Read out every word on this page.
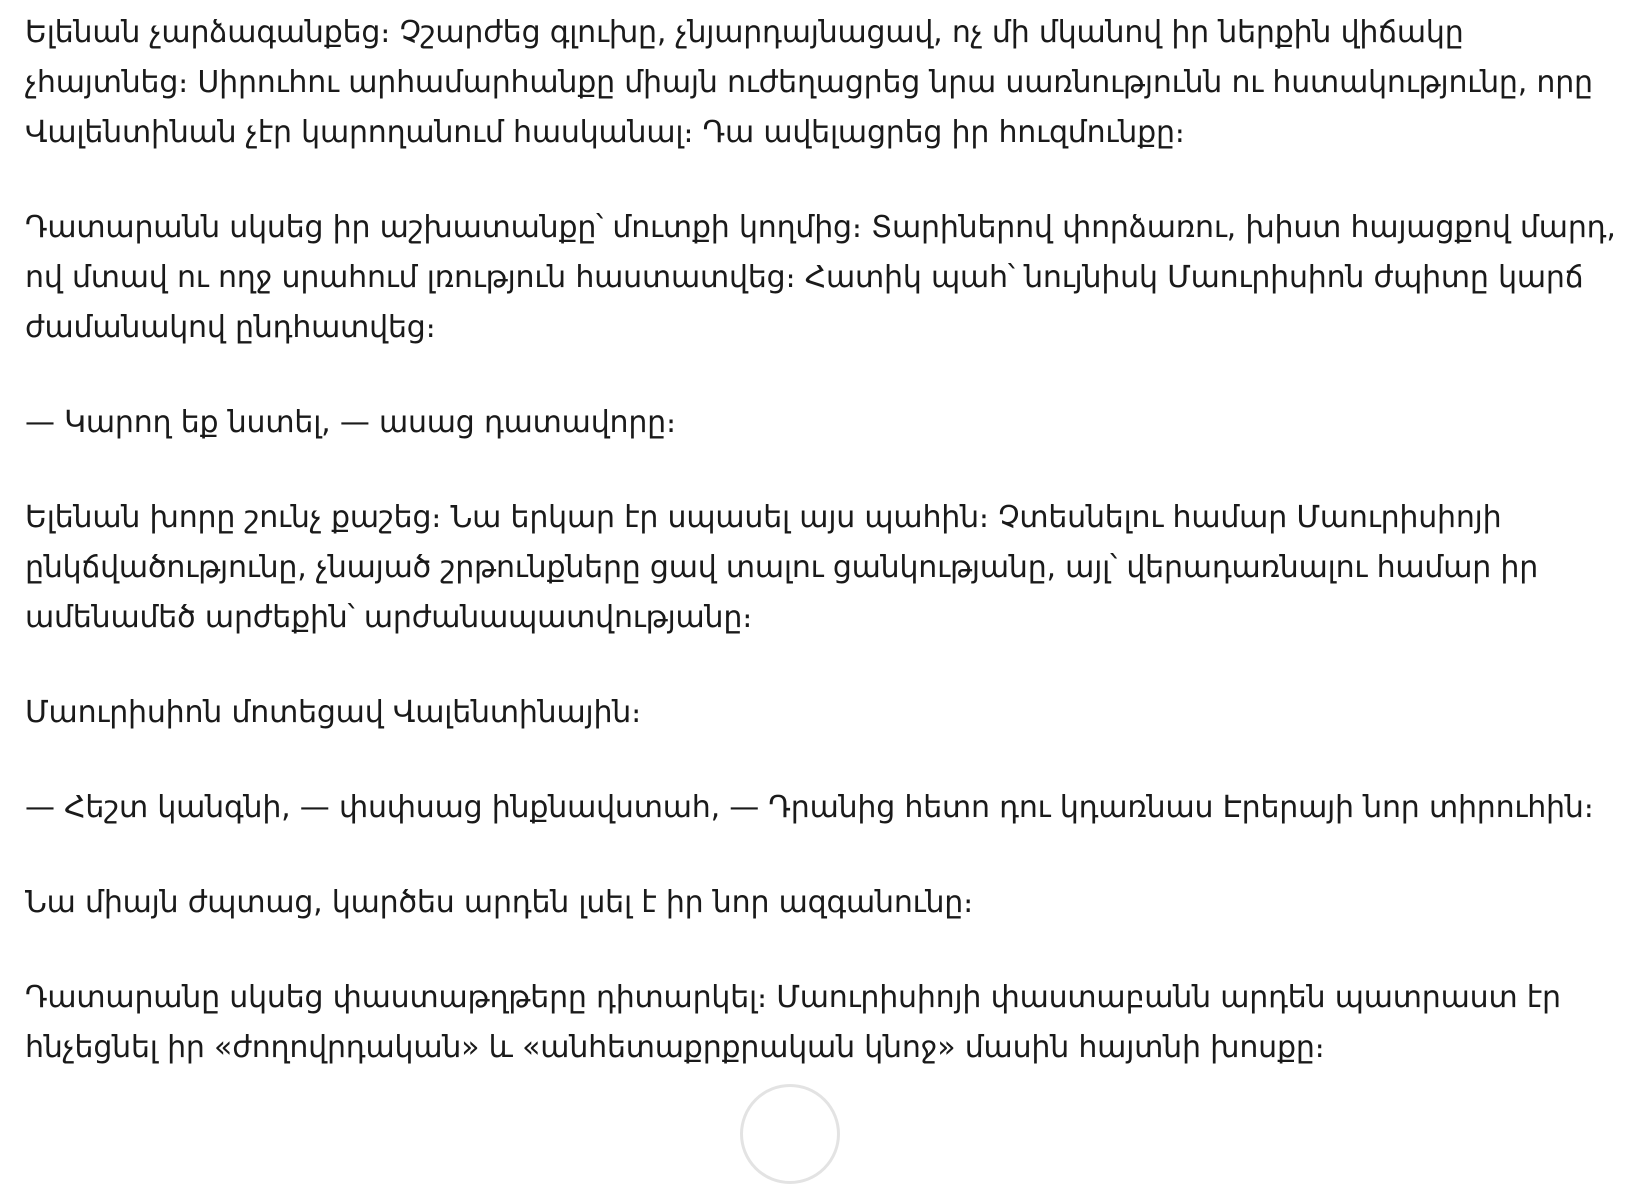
Ելենան չարձագանքեց։ Չշարժեց գլուխը, չնյարդայնացավ, ոչ մի մկանով իր ներքին վիճակը
չհայտնեց։ Սիրուհու արհամարհանքը միայն ուժեղացրեց նրա սառնությունն ու հստակությունը, որը
Վալենտինան չէր կարողանում հասկանալ։ Դա ավելացրեց իր հուզմունքը։

Դատարանն սկսեց իր աշխատանքը՝ մուտքի կողմից։ Տարիներով փորձառու, խիստ հայացքով մարդ,
ով մտավ ու ողջ սրահում լռություն հաստատվեց։ Հատիկ պահ՝ նույնիսկ Մաուրիսիոն ժպիտը կարճ
ժամանակով ընդհատվեց։

— Կարող եք նստել, — ասաց դատավորը։

Ելենան խորը շունչ քաշեց։ Նա երկար էր սպասել այս պահին։ Չտեսնելու համար Մաուրիսիոյի
ընկճվածությունը, չնայած շրթունքները ցավ տալու ցանկությանը, այլ՝ վերադառնալու համար իր
ամենամեծ արժեքին՝ արժանապատվությանը։

Մաուրիսիոն մոտեցավ Վալենտինային։

— Հեշտ կանգնի, — փսփսաց ինքնավստահ, — Դրանից հետո դու կդառնաս Էրերայի նոր տիրուհին։

Նա միայն ժպտաց, կարծես արդեն լսել է իր նոր ազգանունը։

Դատարանը սկսեց փաստաթղթերը դիտարկել։ Մաուրիսիոյի փաստաբանն արդեն պատրաստ էր
հնչեցնել իր «ժողովրդական» և «անհետաքրքրական կնոջ» մասին հայտնի խոսքը։
